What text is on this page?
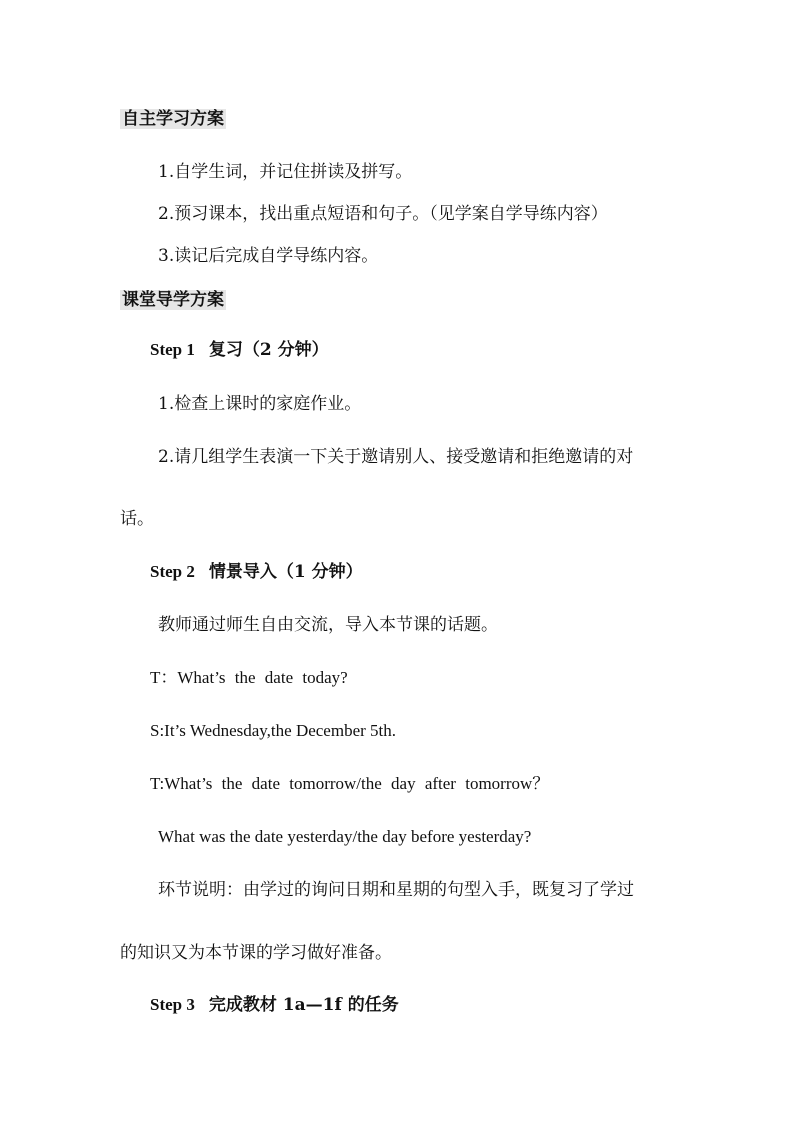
自主学习方案
1.自学生词，并记住拼读及拼写。
2.预习课本，找出重点短语和句子。（见学案自学导练内容）
3.读记后完成自学导练内容。
课堂导学方案
Step 1 复习（2 分钟）
1.检查上课时的家庭作业。
2.请几组学生表演一下关于邀请别人、接受邀请和拒绝邀请的对
话。
Step 2 情景导入（1 分钟）
教师通过师生自由交流，导入本节课的话题。
T：What’s the date today?
S:It’s Wednesday,the December 5th.
T:What’s the date tomorrow/the day after tomorrow？
What was the date yesterday/the day before yesterday?
环节说明：由学过的询问日期和星期的句型入手，既复习了学过
的知识又为本节课的学习做好准备。
Step 3 完成教材 1a—1f 的任务
